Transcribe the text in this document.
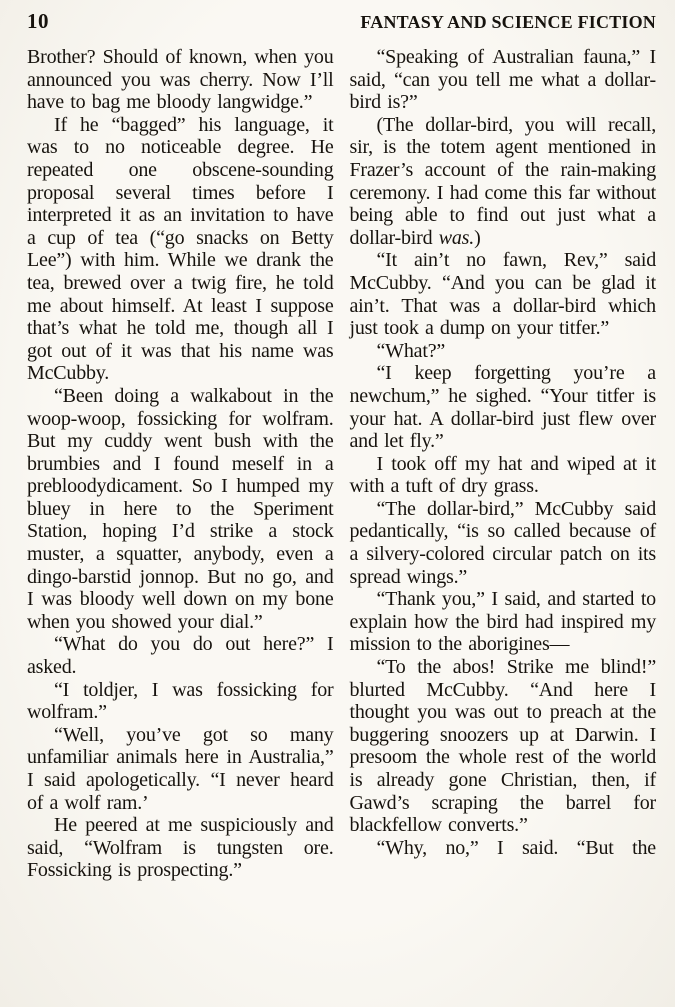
10	FANTASY AND SCIENCE FICTION

Brother? Should of known, when you announced you was cherry. Now I’ll have to bag me bloody langwidge.”

If he “bagged” his language, it was to no noticeable degree. He repeated one obscene-sounding proposal several times before I interpreted it as an invitation to have a cup of tea (“go snacks on Betty Lee”) with him. While we drank the tea, brewed over a twig fire, he told me about himself. At least I suppose that’s what he told me, though all I got out of it was that his name was McCubby.

“Been doing a walkabout in the woop-woop, fossicking for wolfram. But my cuddy went bush with the brumbies and I found meself in a prebloodydicament. So I humped my bluey in here to the Speriment Station, hoping I’d strike a stock muster, a squatter, anybody, even a dingo-barstid jonnop. But no go, and I was bloody well down on my bone when you showed your dial.”

“What do you do out here?” I asked.

“I toldjer, I was fossicking for wolfram.”

“Well, you’ve got so many unfamiliar animals here in Australia,” I said apologetically. “I never heard of a wolf ram.’

He peered at me suspiciously and said, “Wolfram is tungsten ore. Fossicking is prospecting.”

“Speaking of Australian fauna,” I said, “can you tell me what a dollar-bird is?”

(The dollar-bird, you will recall, sir, is the totem agent mentioned in Frazer’s account of the rain-making ceremony. I had come this far without being able to find out just what a dollar-bird was.)

“It ain’t no fawn, Rev,” said McCubby. “And you can be glad it ain’t. That was a dollar-bird which just took a dump on your titfer.”

“What?”

“I keep forgetting you’re a newchum,” he sighed. “Your titfer is your hat. A dollar-bird just flew over and let fly.”

I took off my hat and wiped at it with a tuft of dry grass.

“The dollar-bird,” McCubby said pedantically, “is so called because of a silvery-colored circular patch on its spread wings.”

“Thank you,” I said, and started to explain how the bird had inspired my mission to the aborigines—

“To the abos! Strike me blind!” blurted McCubby. “And here I thought you was out to preach at the buggering snoozers up at Darwin. I presoom the whole rest of the world is already gone Christian, then, if Gawd’s scraping the barrel for blackfellow converts.”

“Why, no,” I said. “But the
